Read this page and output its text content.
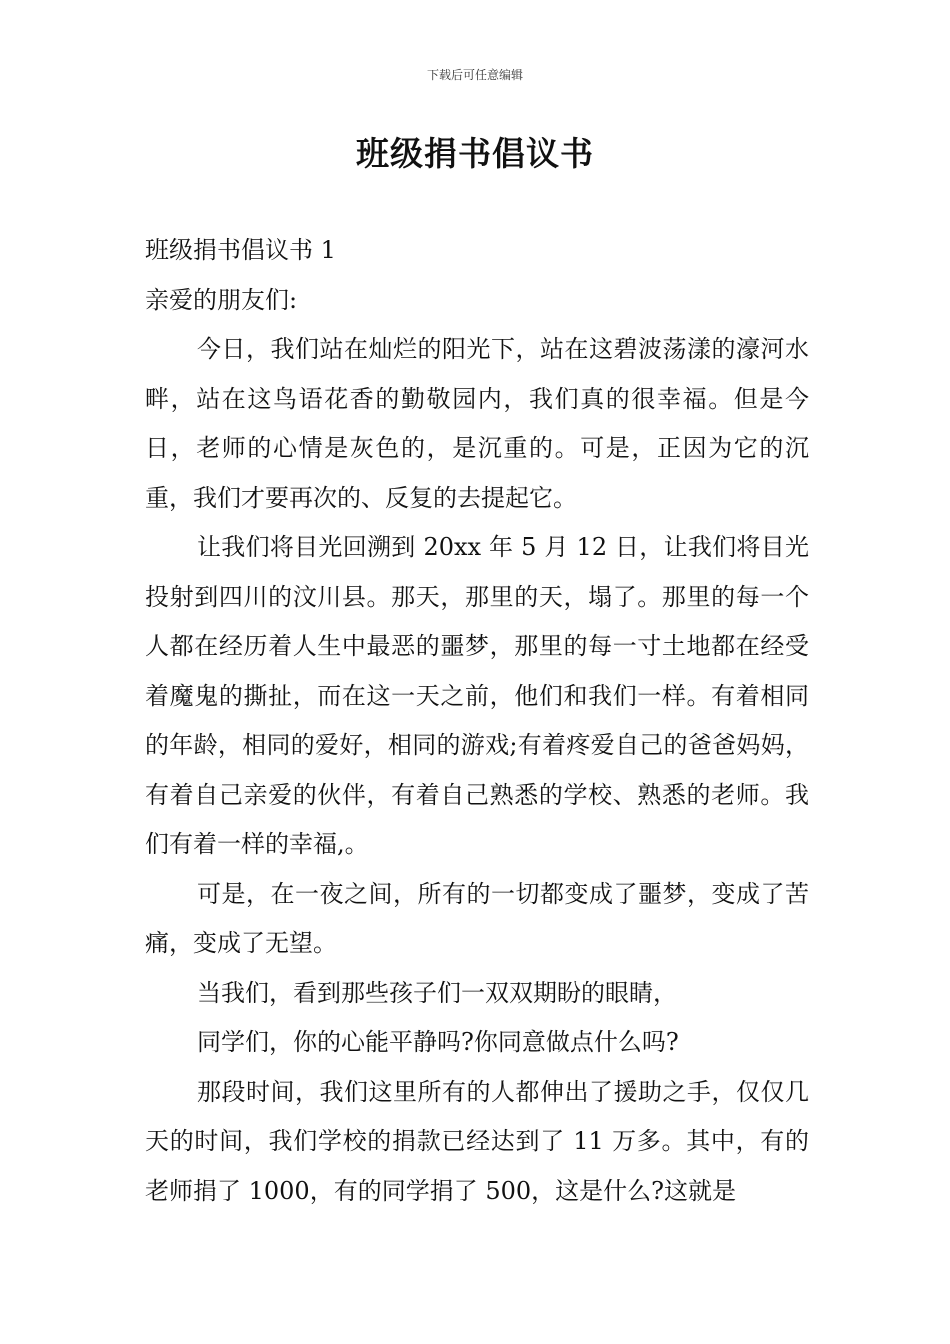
下载后可任意编辑
班级捐书倡议书

班级捐书倡议书 1

亲爱的朋友们:

今日，我们站在灿烂的阳光下，站在这碧波荡漾的濠河水畔，站在这鸟语花香的勤敬园内，我们真的很幸福。但是今日，老师的心情是灰色的，是沉重的。可是，正因为它的沉重，我们才要再次的、反复的去提起它。

让我们将目光回溯到 20xx 年 5 月 12 日，让我们将目光投射到四川的汶川县。那天，那里的天，塌了。那里的每一个人都在经历着人生中最恶的噩梦，那里的每一寸土地都在经受着魔鬼的撕扯，而在这一天之前，他们和我们一样。有着相同的年龄，相同的爱好，相同的游戏;有着疼爱自己的爸爸妈妈，有着自己亲爱的伙伴，有着自己熟悉的学校、熟悉的老师。我们有着一样的幸福,。

可是，在一夜之间，所有的一切都变成了噩梦，变成了苦痛，变成了无望。

当我们，看到那些孩子们一双双期盼的眼睛，

同学们，你的心能平静吗?你同意做点什么吗?

那段时间，我们这里所有的人都伸出了援助之手，仅仅几天的时间，我们学校的捐款已经达到了 11 万多。其中，有的老师捐了 1000，有的同学捐了 500，这是什么?这就是
